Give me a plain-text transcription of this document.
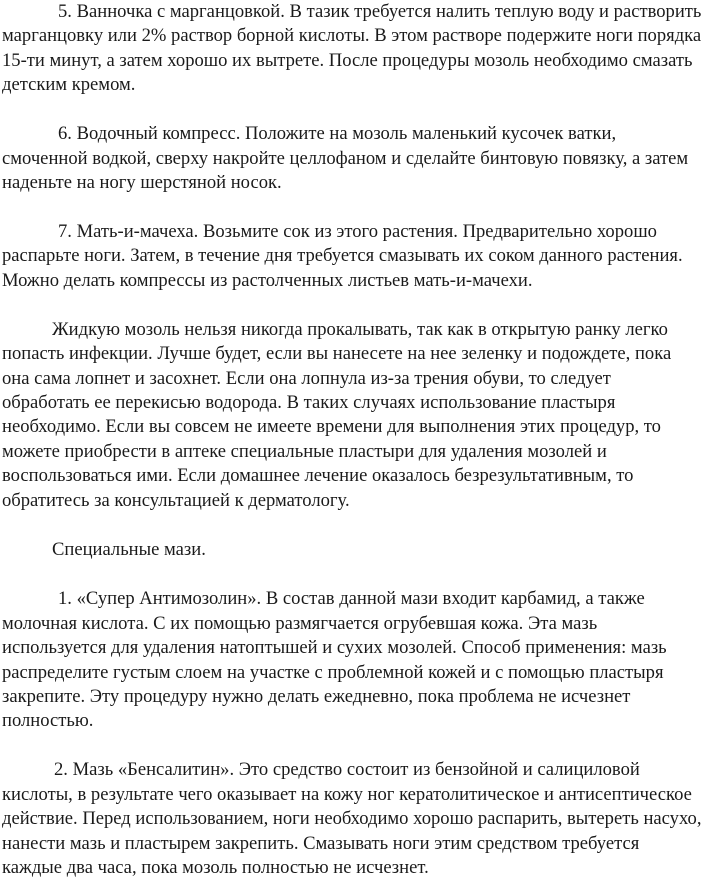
5. Ванночка с марганцовкой. В тазик требуется налить теплую воду и растворить марганцовку или 2% раствор борной кислоты. В этом растворе подержите ноги порядка 15-ти минут, а затем хорошо их вытрете. После процедуры мозоль необходимо смазать детским кремом.

6. Водочный компресс. Положите на мозоль маленький кусочек ватки, смоченной водкой, сверху накройте целлофаном и сделайте бинтовую повязку, а затем наденьте на ногу шерстяной носок.

7. Мать-и-мачеха. Возьмите сок из этого растения. Предварительно хорошо распарьте ноги. Затем, в течение дня требуется смазывать их соком данного растения. Можно делать компрессы из растолченных листьев мать-и-мачехи.

Жидкую мозоль нельзя никогда прокалывать, так как в открытую ранку легко попасть инфекции. Лучше будет, если вы нанесете на нее зеленку и подождете, пока она сама лопнет и засохнет. Если она лопнула из-за трения обуви, то следует обработать ее перекисью водорода. В таких случаях использование пластыря необходимо. Если вы совсем не имеете времени для выполнения этих процедур, то можете приобрести в аптеке специальные пластыри для удаления мозолей и воспользоваться ими. Если домашнее лечение оказалось безрезультативным, то обратитесь за консультацией к дерматологу.

Специальные мази.

1. «Супер Антимозолин». В состав данной мази входит карбамид, а также молочная кислота. С их помощью размягчается огрубевшая кожа. Эта мазь используется для удаления натоптышей и сухих мозолей. Способ применения: мазь распределите густым слоем на участке с проблемной кожей и с помощью пластыря закрепите. Эту процедуру нужно делать ежедневно, пока проблема не исчезнет полностью.

2. Мазь «Бенсалитин». Это средство состоит из бензойной и салициловой кислоты, в результате чего оказывает на кожу ног кератолитическое и антисептическое действие. Перед использованием, ноги необходимо хорошо распарить, вытереть насухо, нанести мазь и пластырем закрепить. Смазывать ноги этим средством требуется каждые два часа, пока мозоль полностью не исчезнет.
